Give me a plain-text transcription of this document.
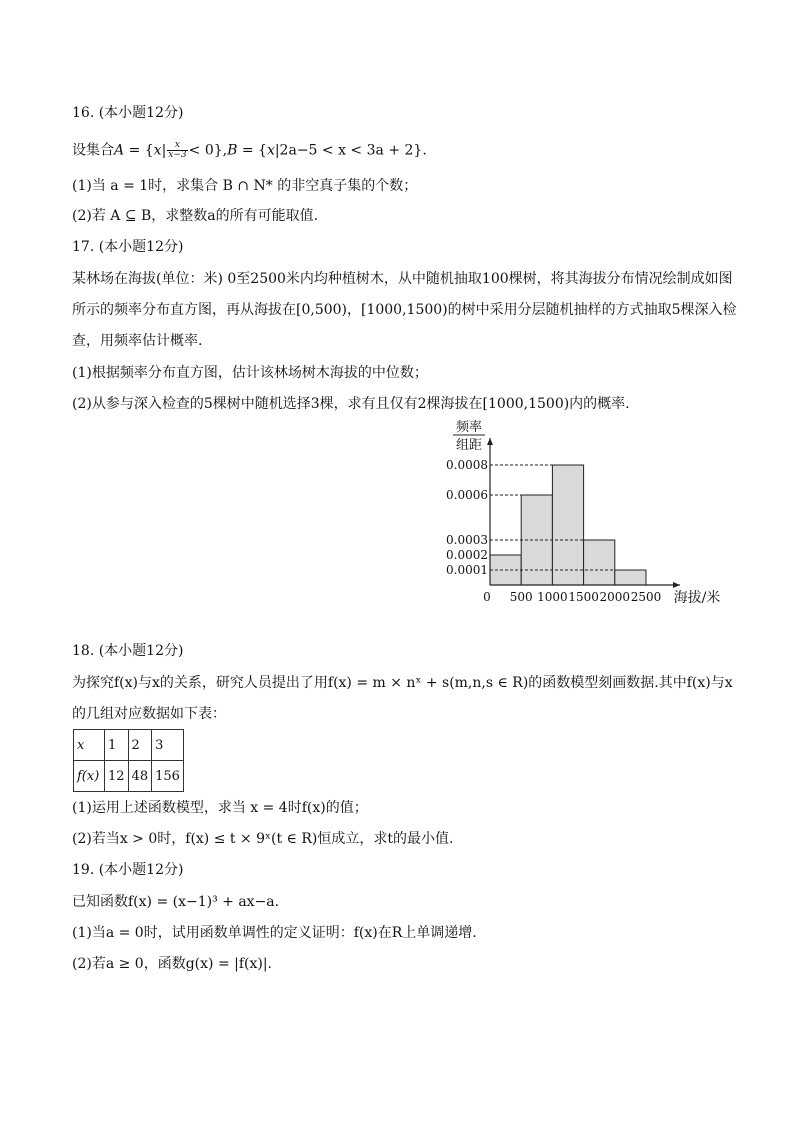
16. (本小题12分)
设集合$A = \{x| \frac{x}{x-3} < 0\},B = \{x|2a-5 < x < 3a + 2\}$.
(1)当 a = 1时，求集合 B ∩ N* 的非空真子集的个数；
(2)若 A ⊆ B，求整数a的所有可能取值.
17. (本小题12分)
某林场在海拔(单位：米) 0至2500米内均种植树木，从中随机抽取100棵树，将其海拔分布情况绘制成如图
所示的频率分布直方图，再从海拔在[0,500)，[1000,1500)的树中采用分层随机抽样的方式抽取5棵深入检
查，用频率估计概率.
(1)根据频率分布直方图，估计该林场树木海拔的中位数；
(2)从参与深入检查的5棵树中随机选择3棵，求有且仅有2棵海拔在[1000,1500)内的概率.
0.0001
0.0002
0.0003
0.0006
0.0008
0 500 1000 1500 2000 2500 海拔/米
频率
组距
18. (本小题12分)
为探究f(x)与x的关系，研究人员提出了用f(x) = m × nˣ + s(m,n,s ∈ R)的函数模型刻画数据.其中f(x)与x
的几组对应数据如下表：
x	1	2	3
f(x)	12	48	156
(1)运用上述函数模型，求当 x = 4时f(x)的值；
(2)若当x > 0时，f(x) ≤ t × 9ˣ(t ∈ R)恒成立，求t的最小值.
19. (本小题12分)
已知函数f(x) = (x−1)³ + ax−a.
(1)当a = 0时，试用函数单调性的定义证明：f(x)在R上单调递增.
(2)若a ≥ 0，函数g(x) = |f(x)|.
